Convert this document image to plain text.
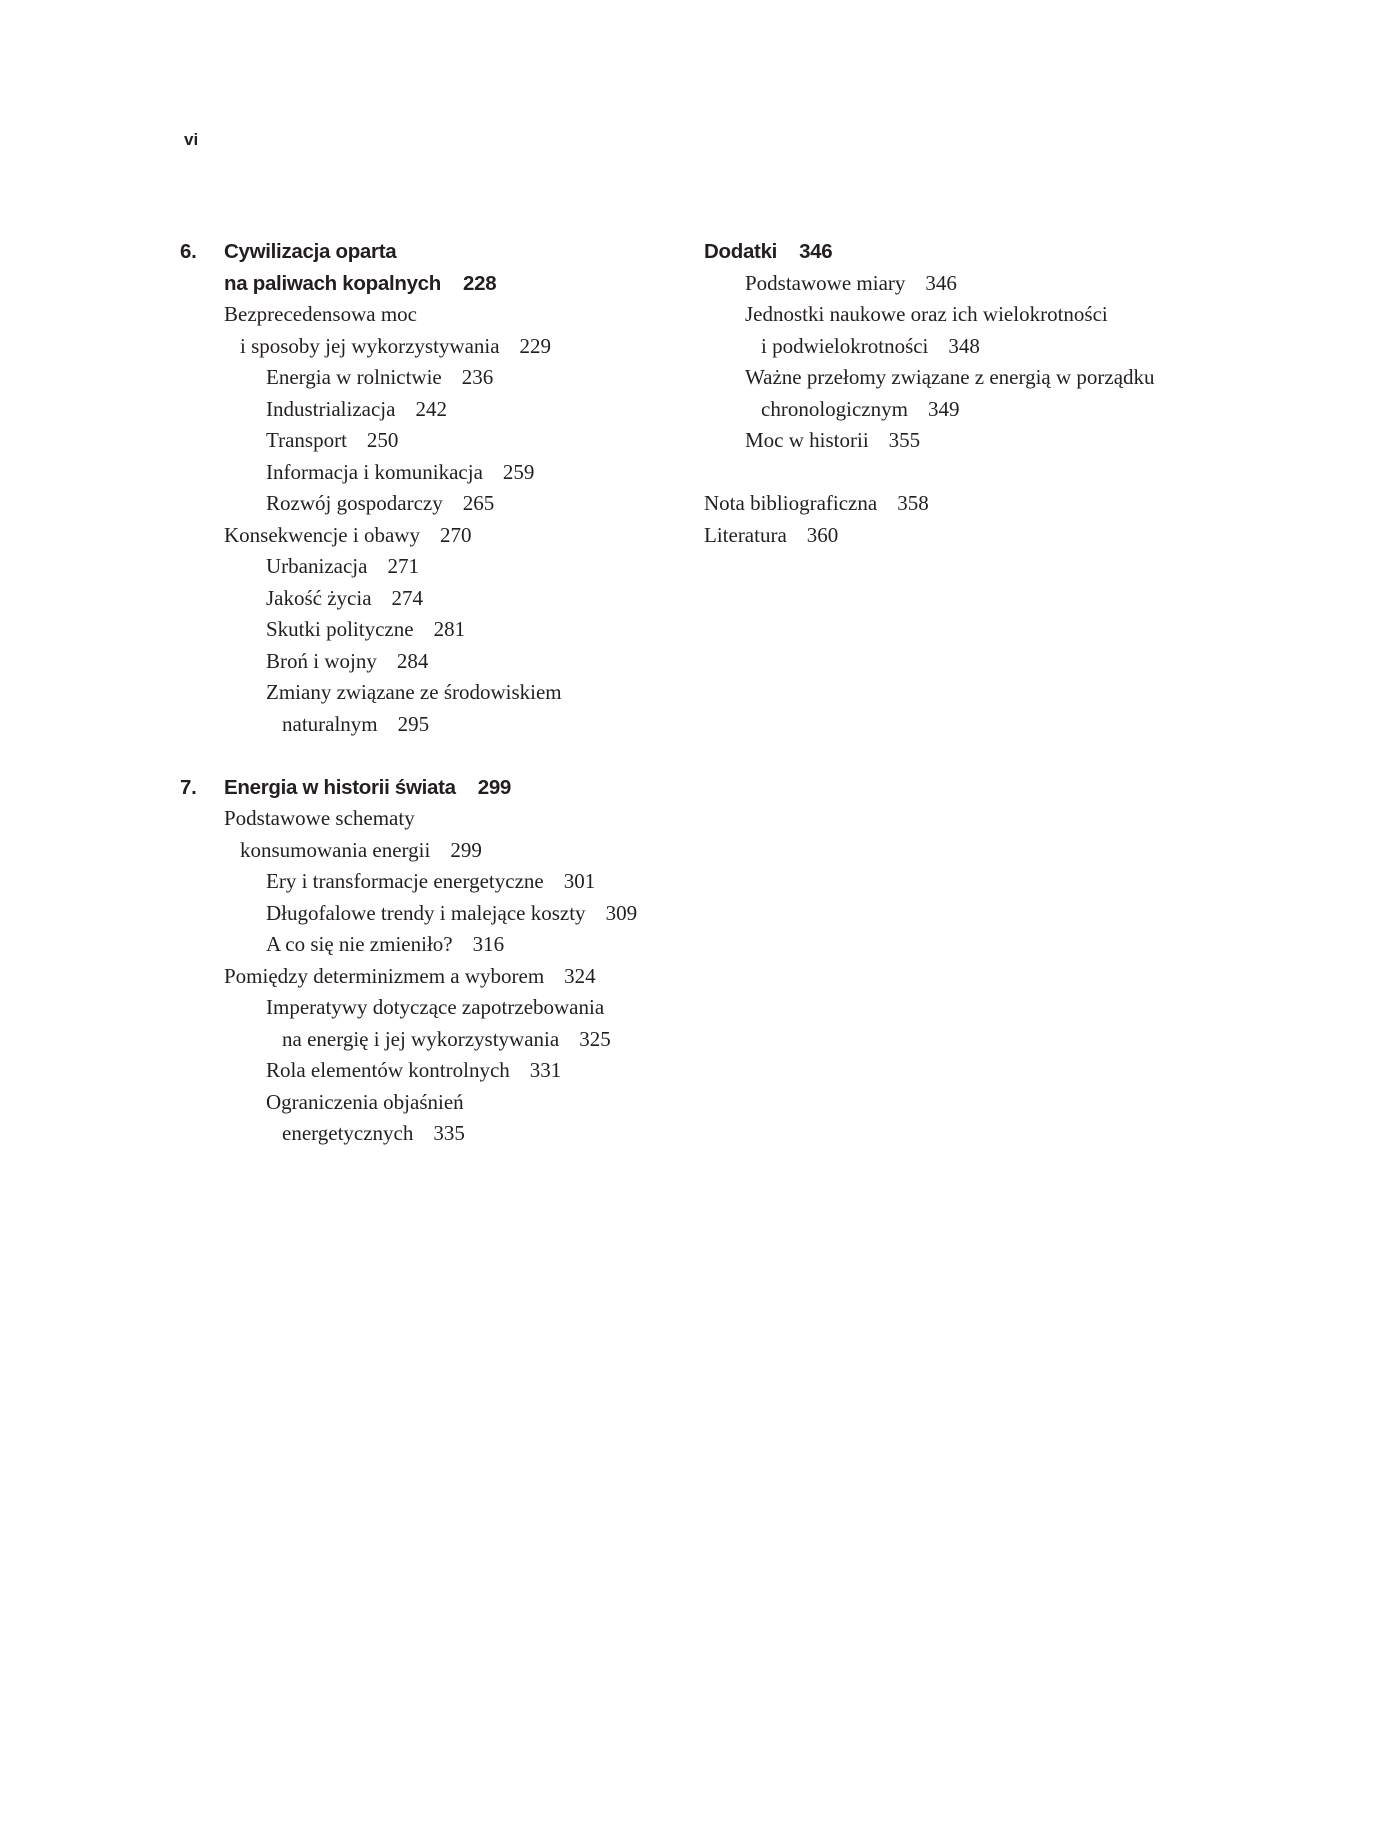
vi
6. Cywilizacja oparta
na paliwach kopalnych 228
Bezprecedensowa moc
i sposoby jej wykorzystywania 229
Energia w rolnictwie 236
Industrializacja 242
Transport 250
Informacja i komunikacja 259
Rozwój gospodarczy 265
Konsekwencje i obawy 270
Urbanizacja 271
Jakość życia 274
Skutki polityczne 281
Broń i wojny 284
Zmiany związane ze środowiskiem
naturalnym 295
7. Energia w historii świata 299
Podstawowe schematy
konsumowania energii 299
Ery i transformacje energetyczne 301
Długofalowe trendy i malejące koszty 309
A co się nie zmieniło? 316
Pomiędzy determinizmem a wyborem 324
Imperatywy dotyczące zapotrzebowania
na energię i jej wykorzystywania 325
Rola elementów kontrolnych 331
Ograniczenia objaśnień
energetycznych 335
Dodatki 346
Podstawowe miary 346
Jednostki naukowe oraz ich wielokrotności
i podwielokrotności 348
Ważne przełomy związane z energią w porządku
chronologicznym 349
Moc w historii 355
Nota bibliograficzna 358
Literatura 360
